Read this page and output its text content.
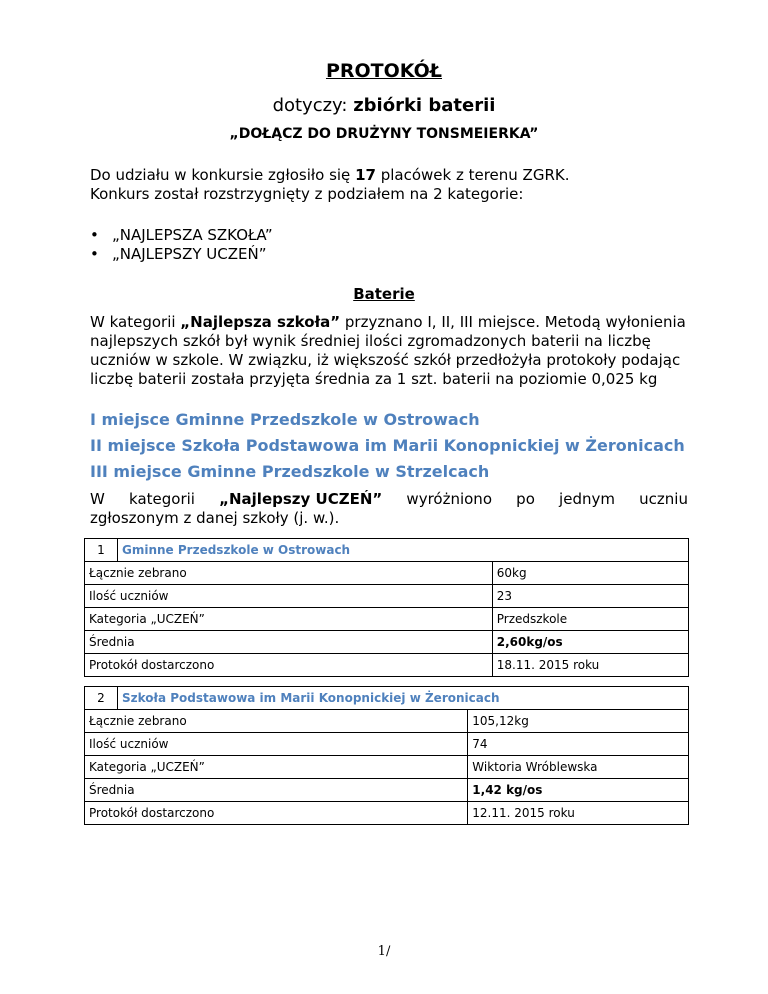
PROTOKÓŁ
dotyczy: zbiórki baterii
„DOŁĄCZ DO DRUŻYNY TONSMEIERKA”
Do udziału w konkursie zgłosiło się 17 placówek z terenu ZGRK.
Konkurs został rozstrzygnięty z podziałem na 2 kategorie:
• „NAJLEPSZA SZKOŁA”
• „NAJLEPSZY UCZEŃ”
Baterie
W kategorii „Najlepsza szkoła” przyznano I, II, III miejsce. Metodą wyłonienia najlepszych szkół był wynik średniej ilości zgromadzonych baterii na liczbę uczniów w szkole. W związku, iż większość szkół przedłożyła protokoły podając liczbę baterii została przyjęta średnia za 1 szt. baterii na poziomie 0,025 kg
I miejsce Gminne Przedszkole w Ostrowach
II miejsce Szkoła Podstawowa im Marii Konopnickiej w Żeronicach
III miejsce Gminne Przedszkole w Strzelcach
W kategorii „Najlepszy UCZEŃ” wyróżniono po jednym uczniu
zgłoszonym z danej szkoły (j. w.).
1	Gminne Przedszkole w Ostrowach	
Łącznie zebrano		60kg
Ilość uczniów		23
Kategoria „UCZEŃ”		Przedszkole
Średnia		2,60kg/os
Protokół dostarczono		18.11. 2015 roku
2	Szkoła Podstawowa im Marii Konopnickiej w Żeronicach	
Łącznie zebrano		105,12kg
Ilość uczniów		74
Kategoria „UCZEŃ”		Wiktoria Wróblewska
Średnia		1,42 kg/os
Protokół dostarczono		12.11. 2015 roku
1/
